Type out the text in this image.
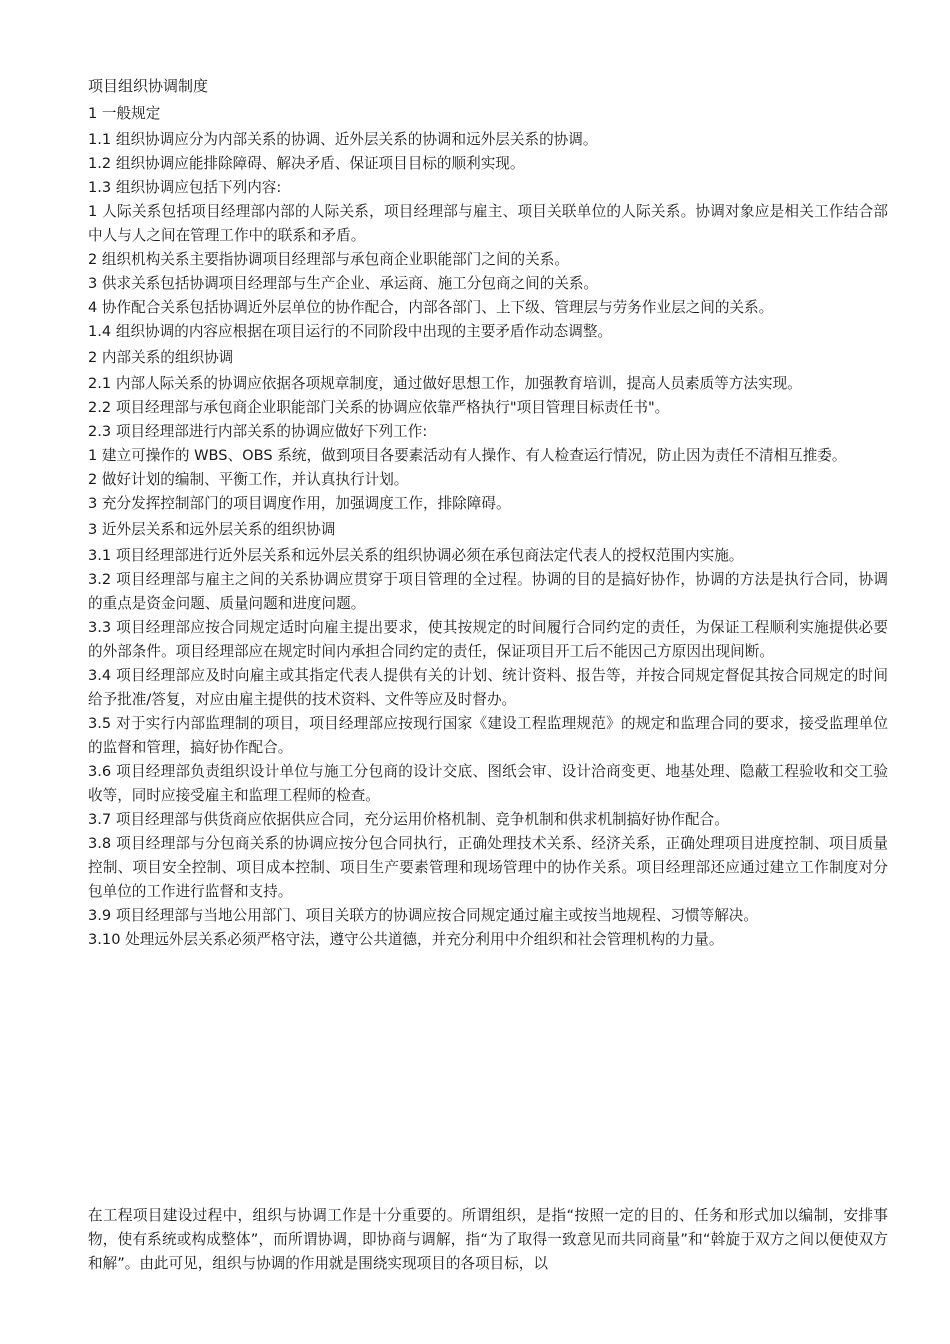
项目组织协调制度
1 一般规定

1.1 组织协调应分为内部关系的协调、近外层关系的协调和远外层关系的协调。

1.2 组织协调应能排除障碍、解决矛盾、保证项目目标的顺利实现。

1.3 组织协调应包括下列内容:

1 人际关系包括项目经理部内部的人际关系，项目经理部与雇主、项目关联单位的人际关系。协调对象应是相关工作结合部中人与人之间在管理工作中的联系和矛盾。

2 组织机构关系主要指协调项目经理部与承包商企业职能部门之间的关系。

3 供求关系包括协调项目经理部与生产企业、承运商、施工分包商之间的关系。

4 协作配合关系包括协调近外层单位的协作配合，内部各部门、上下级、管理层与劳务作业层之间的关系。

1.4 组织协调的内容应根据在项目运行的不同阶段中出现的主要矛盾作动态调整。

2 内部关系的组织协调

2.1 内部人际关系的协调应依据各项规章制度，通过做好思想工作，加强教育培训，提高人员素质等方法实现。

2.2 项目经理部与承包商企业职能部门关系的协调应依靠严格执行"项目管理目标责任书"。

2.3 项目经理部进行内部关系的协调应做好下列工作:

1 建立可操作的 WBS、OBS 系统，做到项目各要素活动有人操作、有人检查运行情况，防止因为责任不清相互推委。

2 做好计划的编制、平衡工作，并认真执行计划。

3 充分发挥控制部门的项目调度作用，加强调度工作，排除障碍。

3 近外层关系和远外层关系的组织协调

3.1 项目经理部进行近外层关系和远外层关系的组织协调必须在承包商法定代表人的授权范围内实施。

3.2 项目经理部与雇主之间的关系协调应贯穿于项目管理的全过程。协调的目的是搞好协作，协调的方法是执行合同，协调的重点是资金问题、质量问题和进度问题。

3.3 项目经理部应按合同规定适时向雇主提出要求，使其按规定的时间履行合同约定的责任，为保证工程顺利实施提供必要的外部条件。项目经理部应在规定时间内承担合同约定的责任，保证项目开工后不能因己方原因出现间断。

3.4 项目经理部应及时向雇主或其指定代表人提供有关的计划、统计资料、报告等，并按合同规定督促其按合同规定的时间给予批准/答复，对应由雇主提供的技术资料、文件等应及时督办。

3.5 对于实行内部监理制的项目，项目经理部应按现行国家《建设工程监理规范》的规定和监理合同的要求，接受监理单位的监督和管理，搞好协作配合。

3.6 项目经理部负责组织设计单位与施工分包商的设计交底、图纸会审、设计洽商变更、地基处理、隐蔽工程验收和交工验收等，同时应接受雇主和监理工程师的检查。

3.7 项目经理部与供货商应依据供应合同，充分运用价格机制、竞争机制和供求机制搞好协作配合。

3.8 项目经理部与分包商关系的协调应按分包合同执行，正确处理技术关系、经济关系，正确处理项目进度控制、项目质量控制、项目安全控制、项目成本控制、项目生产要素管理和现场管理中的协作关系。项目经理部还应通过建立工作制度对分包单位的工作进行监督和支持。

3.9 项目经理部与当地公用部门、项目关联方的协调应按合同规定通过雇主或按当地规程、习惯等解决。

3.10 处理远外层关系必须严格守法，遵守公共道德，并充分利用中介组织和社会管理机构的力量。

在工程项目建设过程中，组织与协调工作是十分重要的。所谓组织，是指“按照一定的目的、任务和形式加以编制，安排事物，使有系统或构成整体”，而所谓协调，即协商与调解，指“为了取得一致意见而共同商量”和“斡旋于双方之间以便使双方和解”。由此可见，组织与协调的作用就是围绕实现项目的各项目标，以
